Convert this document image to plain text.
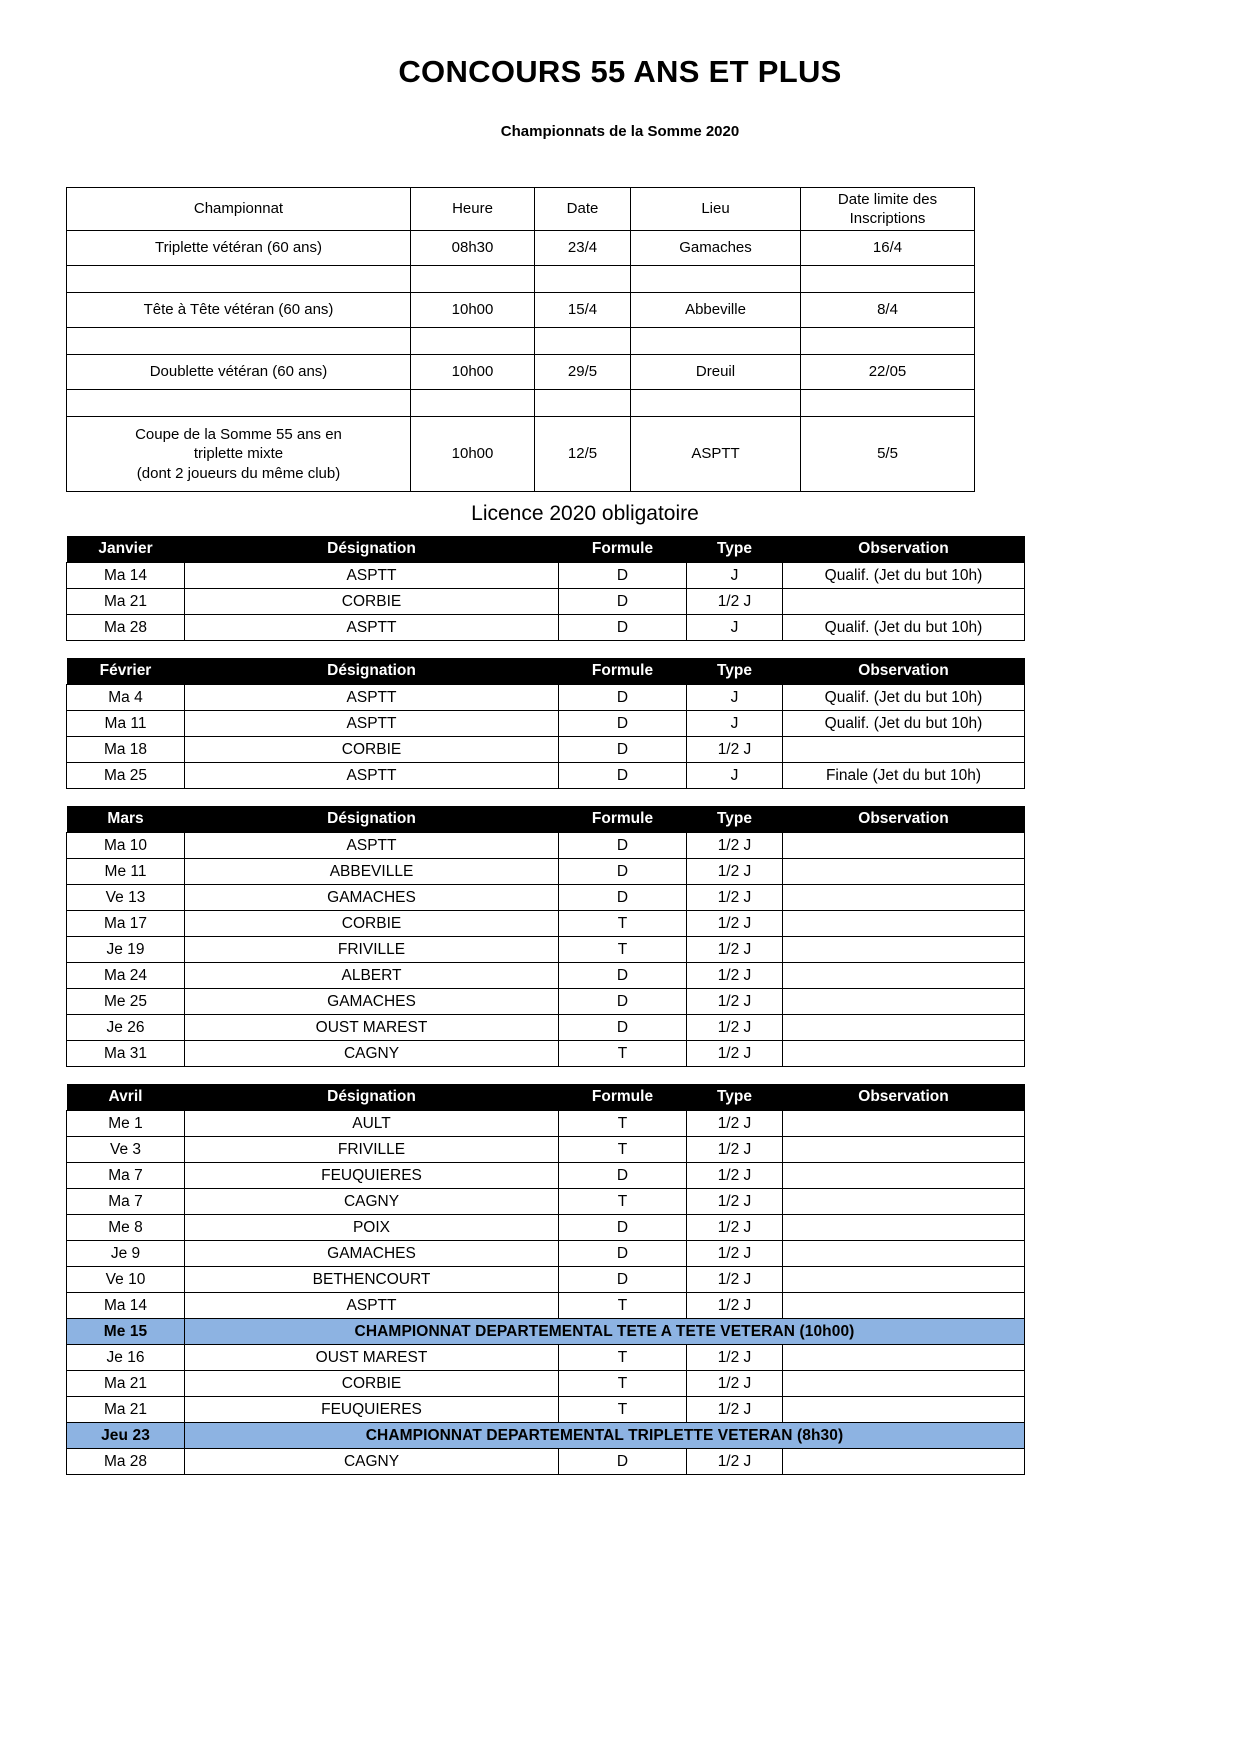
CONCOURS 55 ANS ET PLUS
Championnats de la Somme 2020
Championnat	Heure	Date	Lieu	Date limite des
Inscriptions

Triplette vétéran (60 ans)	08h30	23/4	Gamaches	16/4

Tête à Tête vétéran (60 ans)	10h00	15/4	Abbeville	8/4

Doublette vétéran (60 ans)	10h00	29/5	Dreuil	22/05

Coupe de la Somme 55 ans en
triplette mixte
(dont 2 joueurs du même club)	10h00	12/5	ASPTT	5/5
Licence 2020 obligatoire
Janvier	Désignation	Formule	Type	Observation
Ma 14	ASPTT	D	J	Qualif. (Jet du but 10h)
Ma 21	CORBIE	D	1/2 J	
Ma 28	ASPTT	D	J	Qualif. (Jet du but 10h)
Février	Désignation	Formule	Type	Observation
Ma 4	ASPTT	D	J	Qualif. (Jet du but 10h)
Ma 11	ASPTT	D	J	Qualif. (Jet du but 10h)
Ma 18	CORBIE	D	1/2 J	
Ma 25	ASPTT	D	J	Finale (Jet du but 10h)
Mars	Désignation	Formule	Type	Observation
Ma 10	ASPTT	D	1/2 J	
Me 11	ABBEVILLE	D	1/2 J	
Ve 13	GAMACHES	D	1/2 J	
Ma 17	CORBIE	T	1/2 J	
Je 19	FRIVILLE	T	1/2 J	
Ma 24	ALBERT	D	1/2 J	
Me 25	GAMACHES	D	1/2 J	
Je 26	OUST MAREST	D	1/2 J	
Ma 31	CAGNY	T	1/2 J	
Avril	Désignation	Formule	Type	Observation
Me 1	AULT	T	1/2 J	
Ve 3	FRIVILLE	T	1/2 J	
Ma 7	FEUQUIERES	D	1/2 J	
Ma 7	CAGNY	T	1/2 J	
Me 8	POIX	D	1/2 J	
Je 9	GAMACHES	D	1/2 J	
Ve 10	BETHENCOURT	D	1/2 J	
Ma 14	ASPTT	T	1/2 J	
Me 15	CHAMPIONNAT DEPARTEMENTAL TETE A TETE VETERAN (10h00)			
Je 16	OUST MAREST	T	1/2 J	
Ma 21	CORBIE	T	1/2 J	
Ma 21	FEUQUIERES	T	1/2 J	
Jeu 23	CHAMPIONNAT DEPARTEMENTAL TRIPLETTE VETERAN (8h30)			
Ma 28	CAGNY	D	1/2 J	
